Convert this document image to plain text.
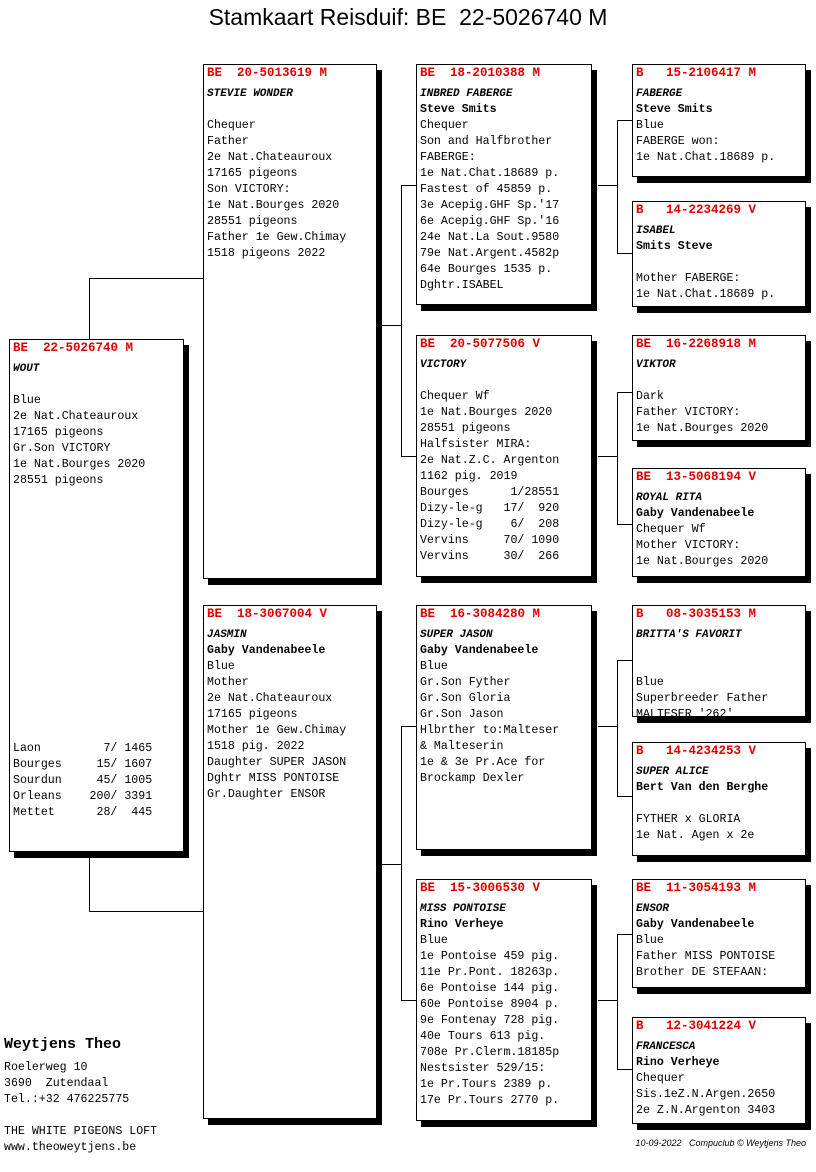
Stamkaart Reisduif: BE  22-5026740 M
BE  22-5026740 M
WOUT
Blue
2e Nat.Chateauroux
17165 pigeons
Gr.Son VICTORY
1e Nat.Bourges 2020
28551 pigeons
Laon         7/ 1465
Bourges     15/ 1607
Sourdun     45/ 1005
Orleans    200/ 3391
Mettet      28/  445
BE  20-5013619 M
STEVIE WONDER
Chequer
Father
2e Nat.Chateauroux
17165 pigeons
Son VICTORY:
1e Nat.Bourges 2020
28551 pigeons
Father 1e Gew.Chimay
1518 pigeons 2022
BE  18-3067004 V
JASMIN
Gaby Vandenabeele
Blue
Mother
2e Nat.Chateauroux
17165 pigeons
Mother 1e Gew.Chimay
1518 pig. 2022
Daughter SUPER JASON
Dghtr MISS PONTOISE
Gr.Daughter ENSOR
BE  18-2010388 M
INBRED FABERGE
Steve Smits
Chequer
Son and Halfbrother
FABERGE:
1e Nat.Chat.18689 p.
Fastest of 45859 p.
3e Acepig.GHF Sp.'17
6e Acepig.GHF Sp.'16
24e Nat.La Sout.9580
79e Nat.Argent.4582p
64e Bourges 1535 p.
Dghtr.ISABEL
BE  20-5077506 V
VICTORY
Chequer Wf
1e Nat.Bourges 2020
28551 pigeons
Halfsister MIRA:
2e Nat.Z.C. Argenton
1162 pig. 2019
Bourges      1/28551
Dizy-le-g   17/  920
Dizy-le-g    6/  208
Vervins     70/ 1090
Vervins     30/  266
BE  16-3084280 M
SUPER JASON
Gaby Vandenabeele
Blue
Gr.Son Fyther
Gr.Son Gloria
Gr.Son Jason
Hlbrther to:Malteser
& Malteserin
1e & 3e Pr.Ace for
Brockamp Dexler
BE  15-3006530 V
MISS PONTOISE
Rino Verheye
Blue
1e Pontoise 459 pig.
11e Pr.Pont. 18263p.
6e Pontoise 144 pig.
60e Pontoise 8904 p.
9e Fontenay 728 pig.
40e Tours 613 pig.
708e Pr.Clerm.18185p
Nestsister 529/15:
1e Pr.Tours 2389 p.
17e Pr.Tours 2770 p.
B   15-2106417 M
FABERGE
Steve Smits
Blue
FABERGE won:
1e Nat.Chat.18689 p.
B   14-2234269 V
ISABEL
Smits Steve
Mother FABERGE:
1e Nat.Chat.18689 p.
BE  16-2268918 M
VIKTOR
Dark
Father VICTORY:
1e Nat.Bourges 2020
BE  13-5068194 V
ROYAL RITA
Gaby Vandenabeele
Chequer Wf
Mother VICTORY:
1e Nat.Bourges 2020
B   08-3035153 M
BRITTA'S FAVORIT
Blue
Superbreeder Father
MALTESER '262'
B   14-4234253 V
SUPER ALICE
Bert Van den Berghe
FYTHER x GLORIA
1e Nat. Agen x 2e
BE  11-3054193 M
ENSOR
Gaby Vandenabeele
Blue
Father MISS PONTOISE
Brother DE STEFAAN:
B   12-3041224 V
FRANCESCA
Rino Verheye
Chequer
Sis.1eZ.N.Argen.2650
2e Z.N.Argenton 3403
Weytjens Theo
Roelerweg 10
3690  Zutendaal
Tel.:+32 476225775
THE WHITE PIGEONS LOFT
www.theoweytjens.be	10-09-2022   Compuclub © Weytjens Theo
